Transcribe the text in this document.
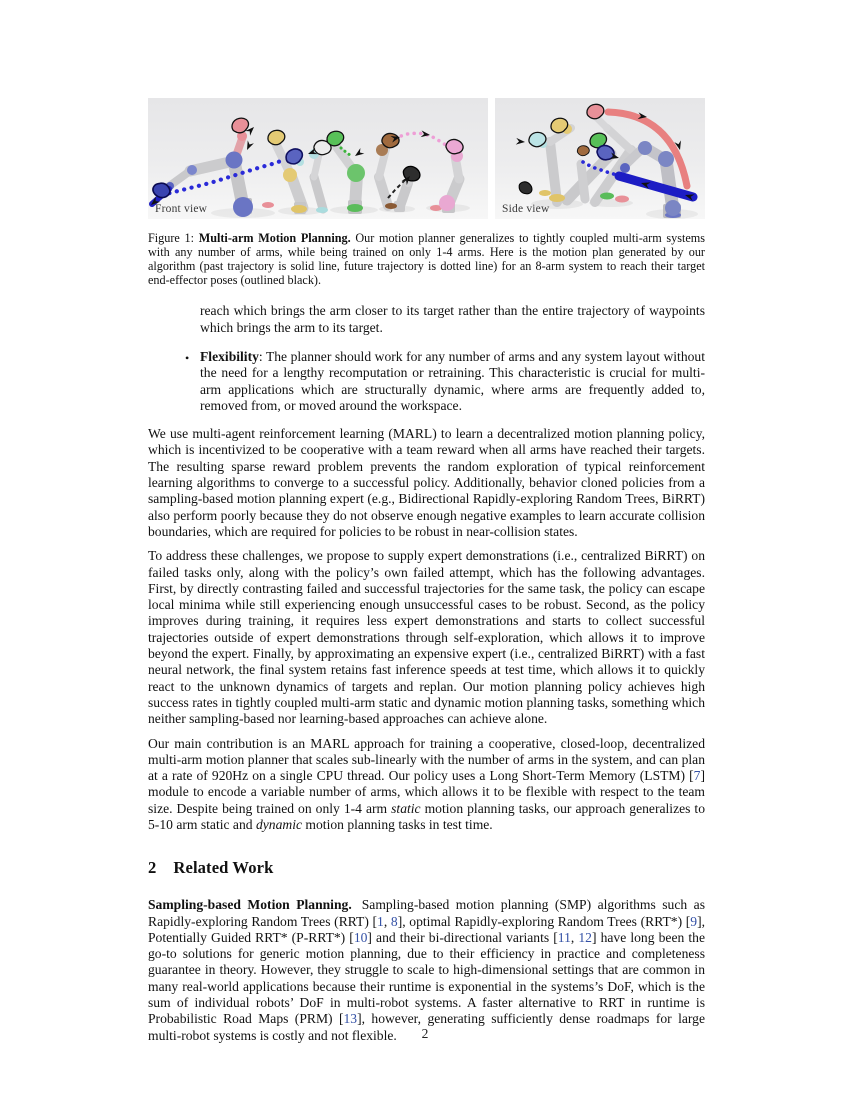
Front view	Side view
Figure 1: Multi-arm Motion Planning. Our motion planner generalizes to tightly coupled multi-arm systems with any number of arms, while being trained on only 1-4 arms. Here is the motion plan generated by our algorithm (past trajectory is solid line, future trajectory is dotted line) for an 8-arm system to reach their target end-effector poses (outlined black).
reach which brings the arm closer to its target rather than the entire trajectory of waypoints which brings the arm to its target.
• Flexibility: The planner should work for any number of arms and any system layout without the need for a lengthy recomputation or retraining. This characteristic is crucial for multi-arm applications which are structurally dynamic, where arms are frequently added to, removed from, or moved around the workspace.
We use multi-agent reinforcement learning (MARL) to learn a decentralized motion planning policy, which is incentivized to be cooperative with a team reward when all arms have reached their targets. The resulting sparse reward problem prevents the random exploration of typical reinforcement learning algorithms to converge to a successful policy. Additionally, behavior cloned policies from a sampling-based motion planning expert (e.g., Bidirectional Rapidly-exploring Random Trees, BiRRT) also perform poorly because they do not observe enough negative examples to learn accurate collision boundaries, which are required for policies to be robust in near-collision states.
To address these challenges, we propose to supply expert demonstrations (i.e., centralized BiRRT) on failed tasks only, along with the policy’s own failed attempt, which has the following advantages. First, by directly contrasting failed and successful trajectories for the same task, the policy can escape local minima while still experiencing enough unsuccessful cases to be robust. Second, as the policy improves during training, it requires less expert demonstrations and starts to collect successful trajectories outside of expert demonstrations through self-exploration, which allows it to improve beyond the expert. Finally, by approximating an expensive expert (i.e., centralized BiRRT) with a fast neural network, the final system retains fast inference speeds at test time, which allows it to quickly react to the unknown dynamics of targets and replan. Our motion planning policy achieves high success rates in tightly coupled multi-arm static and dynamic motion planning tasks, something which neither sampling-based nor learning-based approaches can achieve alone.
Our main contribution is an MARL approach for training a cooperative, closed-loop, decentralized multi-arm motion planner that scales sub-linearly with the number of arms in the system, and can plan at a rate of 920Hz on a single CPU thread. Our policy uses a Long Short-Term Memory (LSTM) [7] module to encode a variable number of arms, which allows it to be flexible with respect to the team size. Despite being trained on only 1-4 arm static motion planning tasks, our approach generalizes to 5-10 arm static and dynamic motion planning tasks in test time.
2 Related Work
Sampling-based Motion Planning. Sampling-based motion planning (SMP) algorithms such as Rapidly-exploring Random Trees (RRT) [1, 8], optimal Rapidly-exploring Random Trees (RRT*) [9], Potentially Guided RRT* (P-RRT*) [10] and their bi-directional variants [11, 12] have long been the go-to solutions for generic motion planning, due to their efficiency in practice and completeness guarantee in theory. However, they struggle to scale to high-dimensional settings that are common in many real-world applications because their runtime is exponential in the systems’s DoF, which is the sum of individual robots’ DoF in multi-robot systems. A faster alternative to RRT in runtime is Probabilistic Road Maps (PRM) [13], however, generating sufficiently dense roadmaps for large multi-robot systems is costly and not flexible.	2
